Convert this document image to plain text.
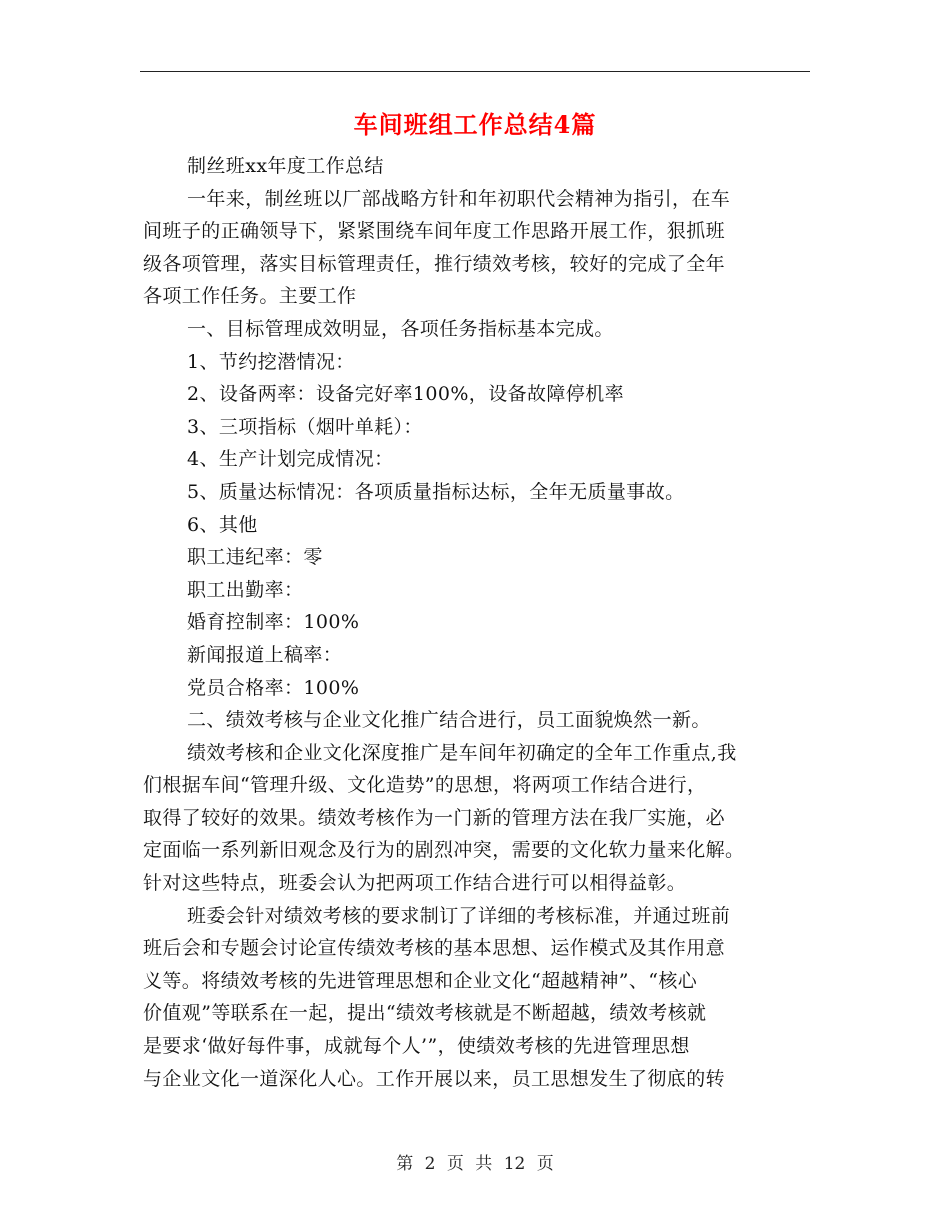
车间班组工作总结4篇

制丝班xx年度工作总结

一年来，制丝班以厂部战略方针和年初职代会精神为指引，在车

间班子的正确领导下，紧紧围绕车间年度工作思路开展工作，狠抓班

级各项管理，落实目标管理责任，推行绩效考核，较好的完成了全年

各项工作任务。主要工作

一、目标管理成效明显，各项任务指标基本完成。

1、节约挖潜情况：

2、设备两率：设备完好率100%，设备故障停机率

3、三项指标（烟叶单耗）：

4、生产计划完成情况：

5、质量达标情况：各项质量指标达标，全年无质量事故。

6、其他

职工违纪率：零

职工出勤率：

婚育控制率：100%

新闻报道上稿率：

党员合格率：100%

二、绩效考核与企业文化推广结合进行，员工面貌焕然一新。

绩效考核和企业文化深度推广是车间年初确定的全年工作重点,我

们根据车间“管理升级、文化造势”的思想，将两项工作结合进行，

取得了较好的效果。绩效考核作为一门新的管理方法在我厂实施，必

定面临一系列新旧观念及行为的剧烈冲突，需要的文化软力量来化解。

针对这些特点，班委会认为把两项工作结合进行可以相得益彰。

班委会针对绩效考核的要求制订了详细的考核标准，并通过班前

班后会和专题会讨论宣传绩效考核的基本思想、运作模式及其作用意

义等。将绩效考核的先进管理思想和企业文化“超越精神”、“核心

价值观”等联系在一起，提出“绩效考核就是不断超越，绩效考核就

是要求‘做好每件事，成就每个人’”，使绩效考核的先进管理思想

与企业文化一道深化人心。工作开展以来，员工思想发生了彻底的转

第 2 页 共 12 页
